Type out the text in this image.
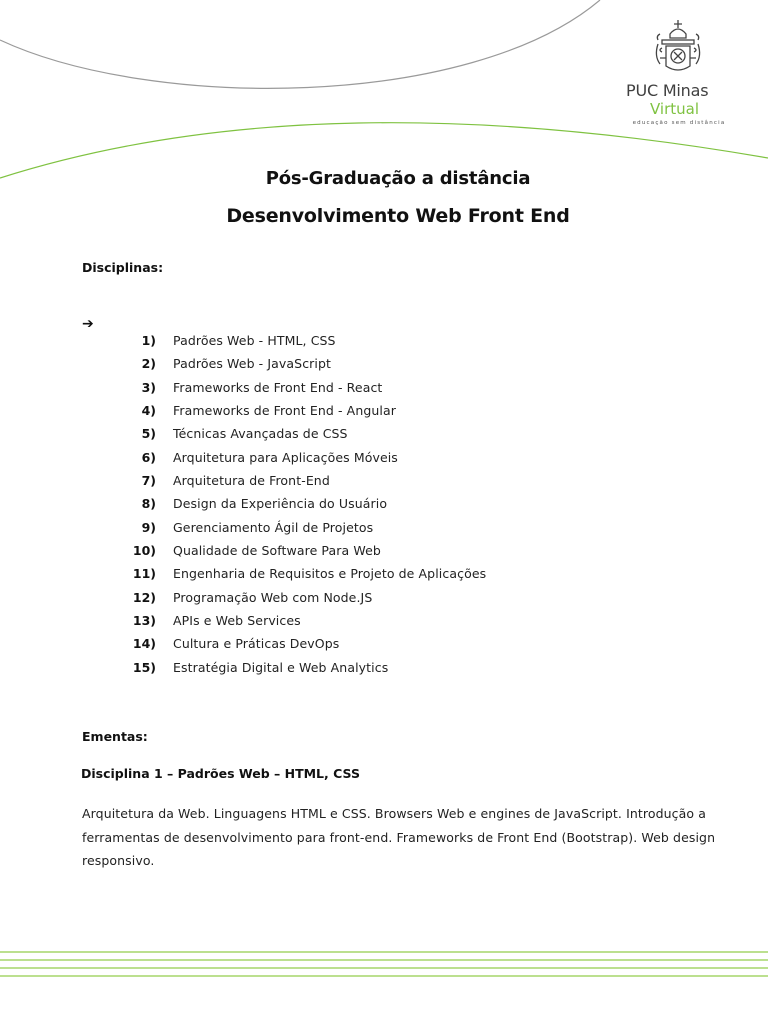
PUC Minas
Virtual
educação sem distância
Pós-Graduação a distância
Desenvolvimento Web Front End
Disciplinas:
➔
1) Padrões Web - HTML, CSS
2) Padrões Web - JavaScript
3) Frameworks de Front End - React
4) Frameworks de Front End - Angular
5) Técnicas Avançadas de CSS
6) Arquitetura para Aplicações Móveis
7) Arquitetura de Front-End
8) Design da Experiência do Usuário
9) Gerenciamento Ágil de Projetos
10) Qualidade de Software Para Web
11) Engenharia de Requisitos e Projeto de Aplicações
12) Programação Web com Node.JS
13) APIs e Web Services
14) Cultura e Práticas DevOps
15) Estratégia Digital e Web Analytics
Ementas:
Disciplina 1 – Padrões Web – HTML, CSS
Arquitetura da Web. Linguagens HTML e CSS. Browsers Web e engines de JavaScript. Introdução a ferramentas de desenvolvimento para front-end. Frameworks de Front End (Bootstrap). Web design responsivo.
